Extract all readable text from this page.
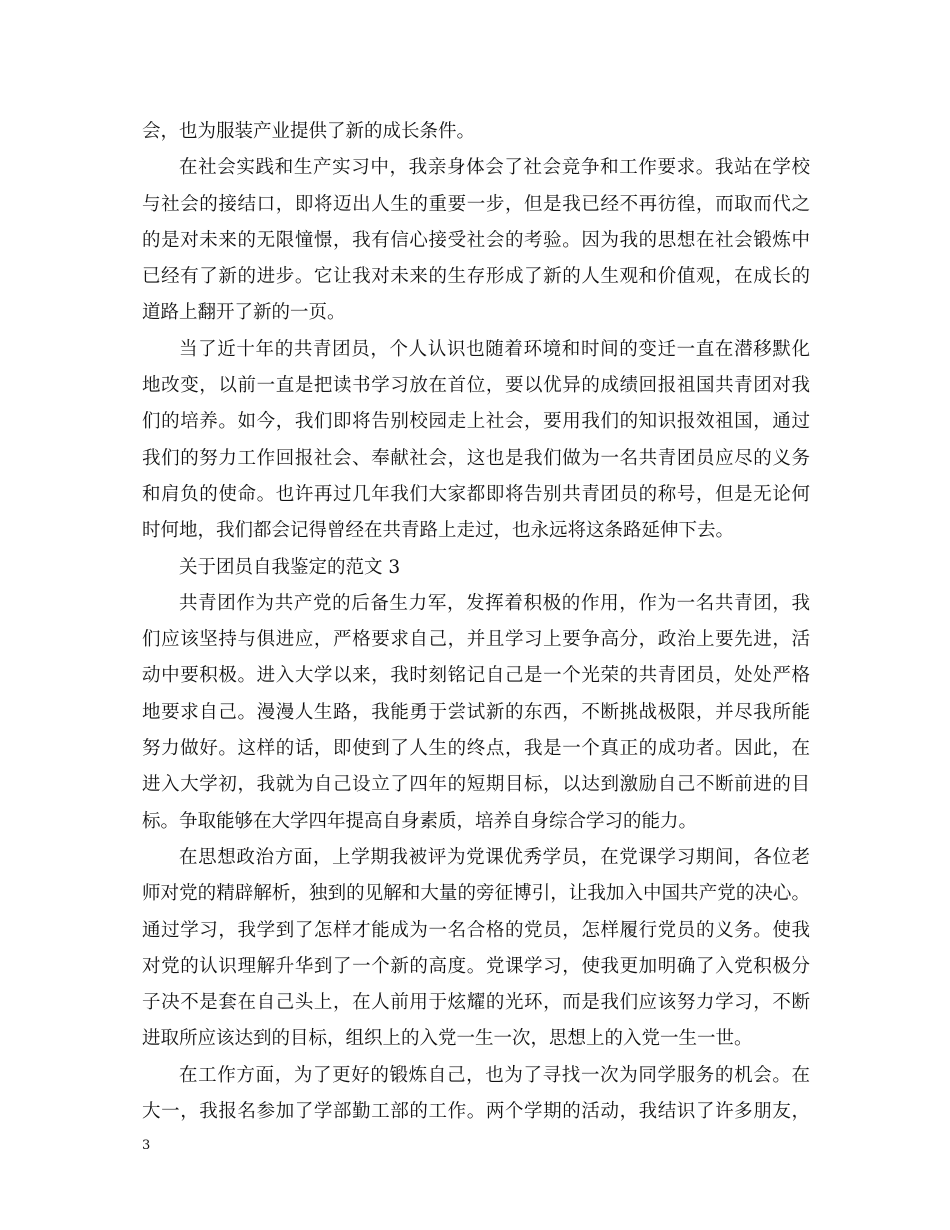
会，也为服装产业提供了新的成长条件。
在社会实践和生产实习中，我亲身体会了社会竞争和工作要求。我站在学校
与社会的接结口，即将迈出人生的重要一步，但是我已经不再彷徨，而取而代之
的是对未来的无限憧憬，我有信心接受社会的考验。因为我的思想在社会锻炼中
已经有了新的进步。它让我对未来的生存形成了新的人生观和价值观，在成长的
道路上翻开了新的一页。
当了近十年的共青团员，个人认识也随着环境和时间的变迁一直在潜移默化
地改变，以前一直是把读书学习放在首位，要以优异的成绩回报祖国共青团对我
们的培养。如今，我们即将告别校园走上社会，要用我们的知识报效祖国，通过
我们的努力工作回报社会、奉献社会，这也是我们做为一名共青团员应尽的义务
和肩负的使命。也许再过几年我们大家都即将告别共青团员的称号，但是无论何
时何地，我们都会记得曾经在共青路上走过，也永远将这条路延伸下去。
关于团员自我鉴定的范文 3
共青团作为共产党的后备生力军，发挥着积极的作用，作为一名共青团，我
们应该坚持与俱进应，严格要求自己，并且学习上要争高分，政治上要先进，活
动中要积极。进入大学以来，我时刻铭记自己是一个光荣的共青团员，处处严格
地要求自己。漫漫人生路，我能勇于尝试新的东西，不断挑战极限，并尽我所能
努力做好。这样的话，即使到了人生的终点，我是一个真正的成功者。因此，在
进入大学初，我就为自己设立了四年的短期目标，以达到激励自己不断前进的目
标。争取能够在大学四年提高自身素质，培养自身综合学习的能力。
在思想政治方面，上学期我被评为党课优秀学员，在党课学习期间，各位老
师对党的精辟解析，独到的见解和大量的旁征博引，让我加入中国共产党的决心。
通过学习，我学到了怎样才能成为一名合格的党员，怎样履行党员的义务。使我
对党的认识理解升华到了一个新的高度。党课学习，使我更加明确了入党积极分
子决不是套在自己头上，在人前用于炫耀的光环，而是我们应该努力学习，不断
进取所应该达到的目标，组织上的入党一生一次，思想上的入党一生一世。
在工作方面，为了更好的锻炼自己，也为了寻找一次为同学服务的机会。在
大一，我报名参加了学部勤工部的工作。两个学期的活动，我结识了许多朋友，
3
